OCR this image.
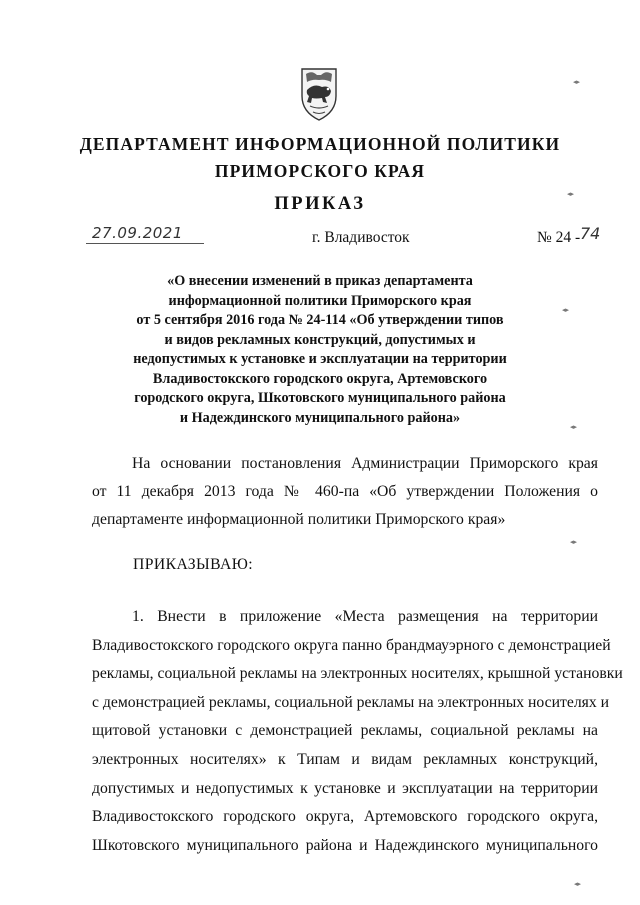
ДЕПАРТАМЕНТ ИНФОРМАЦИОННОЙ ПОЛИТИКИ
ПРИМОРСКОГО КРАЯ
ПРИКАЗ
27.09.2021	г. Владивосток	№ 24 - 74
«О внесении изменений в приказ департамента
информационной политики Приморского края
от 5 сентября 2016 года № 24-114 «Об утверждении типов
и видов рекламных конструкций, допустимых и
недопустимых к установке и эксплуатации на территории
Владивостокского городского округа, Артемовского
городского округа, Шкотовского муниципального района
и Надеждинского муниципального района»
На основании постановления Администрации Приморского края
от 11 декабря 2013 года № 460-па «Об утверждении Положения о
департаменте информационной политики Приморского края»
ПРИКАЗЫВАЮ:
1. Внести в приложение «Места размещения на территории
Владивостокского городского округа панно брандмауэрного с демонстрацией
рекламы, социальной рекламы на электронных носителях, крышной установки
с демонстрацией рекламы, социальной рекламы на электронных носителях и
щитовой установки с демонстрацией рекламы, социальной рекламы на
электронных носителях» к Типам и видам рекламных конструкций,
допустимых и недопустимых к установке и эксплуатации на территории
Владивостокского городского округа, Артемовского городского округа,
Шкотовского муниципального района и Надеждинского муниципального
◂▸
◂▸
◂▸
◂▸
◂▸
◂▸
